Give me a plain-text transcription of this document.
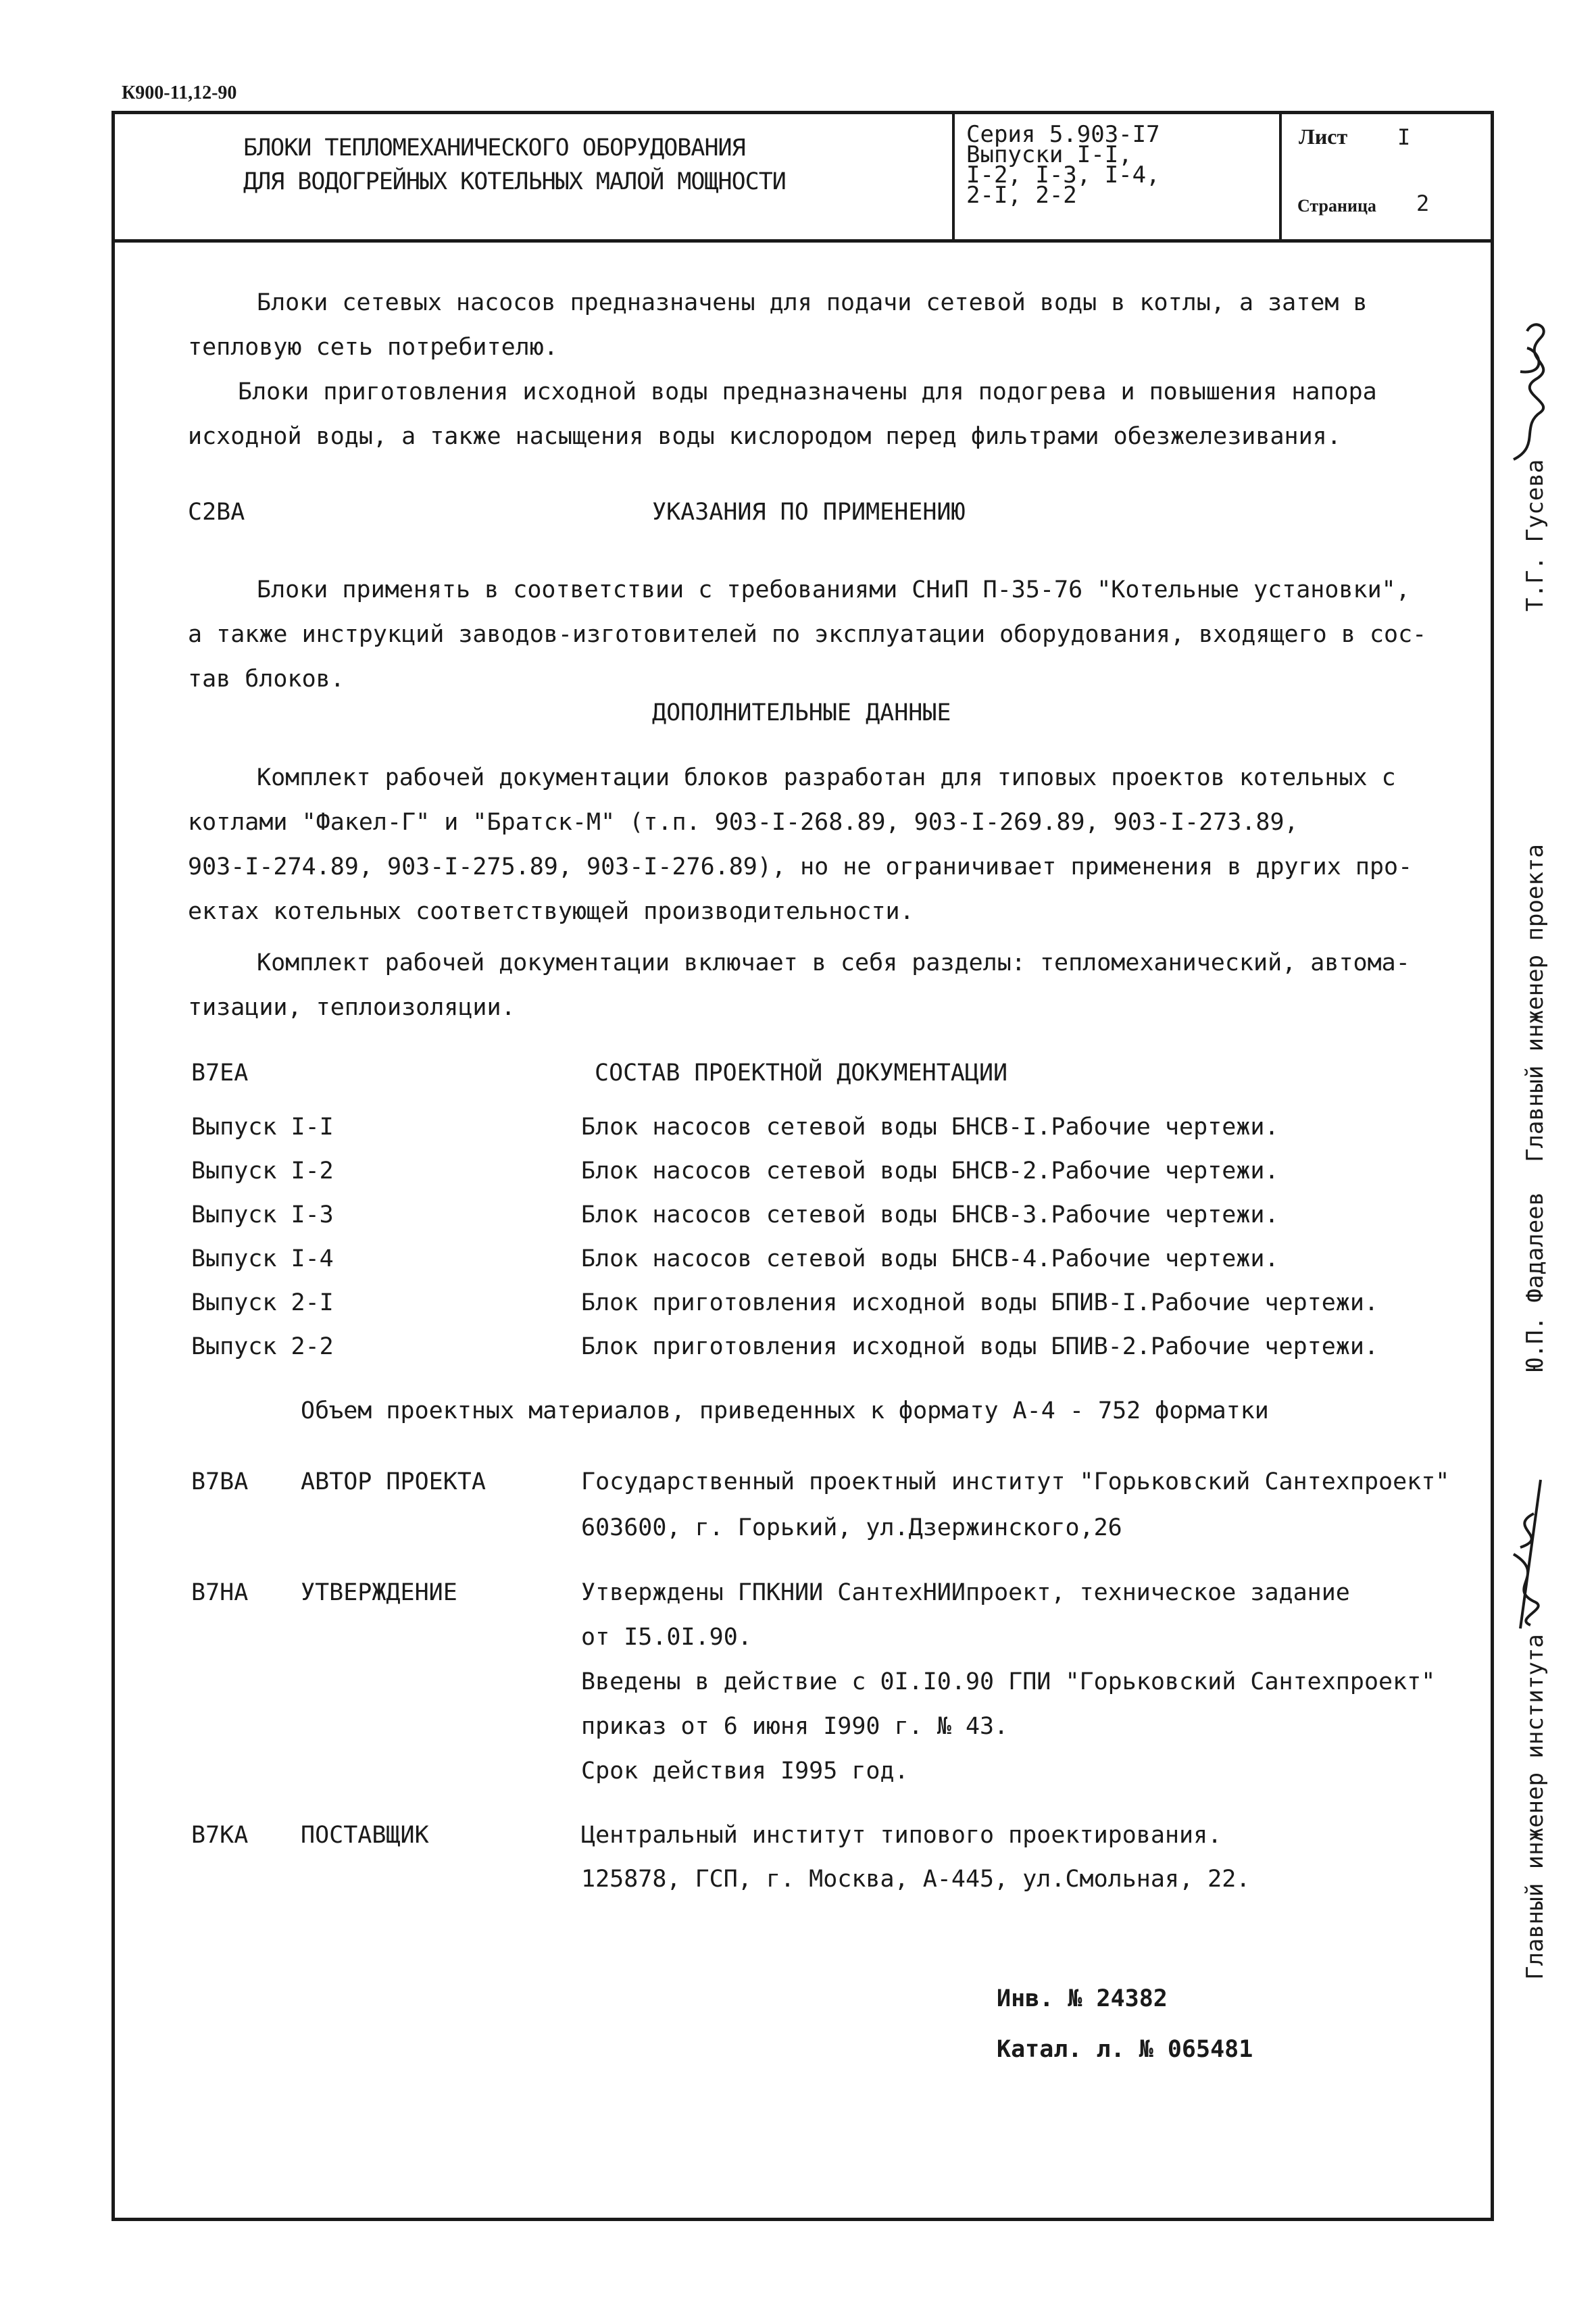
К900-11,12-90
БЛОКИ ТЕПЛОМЕХАНИЧЕСКОГО ОБОРУДОВАНИЯ
ДЛЯ ВОДОГРЕЙНЫХ КОТЕЛЬНЫХ МАЛОЙ МОЩНОСТИ
Серия 5.903-I7
Выпуски I-I,
I-2, I-3, I-4,
2-I, 2-2
Лист I
Страница 2
Блоки сетевых насосов предназначены для подачи сетевой воды в котлы, а затем в
тепловую сеть потребителю.
Блоки приготовления исходной воды предназначены для подогрева и повышения напора
исходной воды, а также насыщения воды кислородом перед фильтрами обезжелезивания.
С2ВА	УКАЗАНИЯ ПО ПРИМЕНЕНИЮ
Блоки применять в соответствии с требованиями СНиП П-35-76 "Котельные установки",
а также инструкций заводов-изготовителей по эксплуатации оборудования, входящего в сос-
тав блоков.
ДОПОЛНИТЕЛЬНЫЕ ДАННЫЕ
Комплект рабочей документации блоков разработан для типовых проектов котельных с
котлами "Факел-Г" и "Братск-М" (т.п. 903-I-268.89, 903-I-269.89, 903-I-273.89,
903-I-274.89, 903-I-275.89, 903-I-276.89), но не ограничивает применения в других про-
ектах котельных соответствующей производительности.
Комплект рабочей документации включает в себя разделы: тепломеханический, автома-
тизации, теплоизоляции.
В7ЕА	СОСТАВ ПРОЕКТНОЙ ДОКУМЕНТАЦИИ
Выпуск I-I	Блок насосов сетевой воды БНСВ-I.Рабочие чертежи.
Выпуск I-2	Блок насосов сетевой воды БНСВ-2.Рабочие чертежи.
Выпуск I-3	Блок насосов сетевой воды БНСВ-3.Рабочие чертежи.
Выпуск I-4	Блок насосов сетевой воды БНСВ-4.Рабочие чертежи.
Выпуск 2-I	Блок приготовления исходной воды БПИВ-I.Рабочие чертежи.
Выпуск 2-2	Блок приготовления исходной воды БПИВ-2.Рабочие чертежи.
Объем проектных материалов, приведенных к формату А-4 - 752 форматки
В7ВА АВТОР ПРОЕКТА	Государственный проектный институт "Горьковский Сантехпроект"
603600, г. Горький, ул.Дзержинского,26
В7НА УТВЕРЖДЕНИЕ	Утверждены ГПКНИИ СантехНИИпроект, техническое задание
от I5.0I.90.
Введены в действие с 0I.I0.90 ГПИ "Горьковский Сантехпроект"
приказ от 6 июня I990 г. № 43.
Срок действия I995 год.
В7КА ПОСТАВЩИК	Центральный институт типового проектирования.
125878, ГСП, г. Москва, А-445, ул.Смольная, 22.
Инв. № 24382
Катал. л. № 065481
Т.Г. Гусева
Главный инженер проекта
Ю.П. Фадалеев
Главный инженер института
